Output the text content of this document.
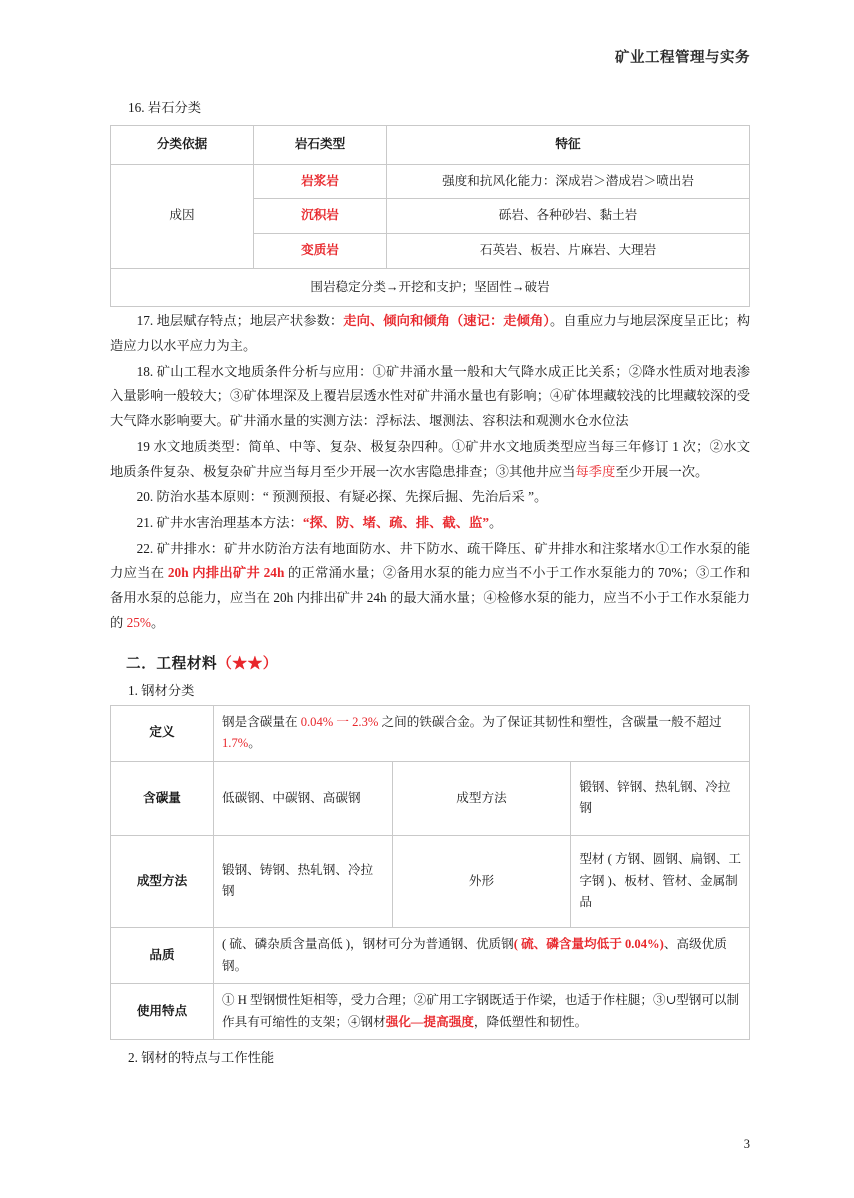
矿业工程管理与实务
16. 岩石分类
分类依据	岩石类型	特征
成因	岩浆岩	强度和抗风化能力：深成岩＞潜成岩＞喷出岩
	沉积岩	砾岩、各种砂岩、黏土岩
	变质岩	石英岩、板岩、片麻岩、大理岩
围岩稳定分类→开挖和支护；坚固性→破岩		

17. 地层赋存特点；地层产状参数：走向、倾向和倾角（速记：走倾角）。自重应力与地层深度呈正比；构造应力以水平应力为主。

18. 矿山工程水文地质条件分析与应用：①矿井涌水量一般和大气降水成正比关系；②降水性质对地表渗入量影响一般较大；③矿体埋深及上覆岩层透水性对矿井涌水量也有影响；④矿体埋藏较浅的比埋藏较深的受大气降水影响要大。矿井涌水量的实测方法：浮标法、堰测法、容积法和观测水仓水位法

19 水文地质类型：简单、中等、复杂、极复杂四种。①矿井水文地质类型应当每三年修订 1 次；②水文地质条件复杂、极复杂矿井应当每月至少开展一次水害隐患排查；③其他井应当每季度至少开展一次。

20. 防治水基本原则：“ 预测预报、有疑必探、先探后掘、先治后采 ”。

21. 矿井水害治理基本方法：“探、防、堵、疏、排、截、监”。

22. 矿井排水：矿井水防治方法有地面防水、井下防水、疏干降压、矿井排水和注浆堵水①工作水泵的能力应当在 20h 内排出矿井 24h 的正常涌水量；②备用水泵的能力应当不小于工作水泵能力的 70%；③工作和备用水泵的总能力，应当在 20h 内排出矿井 24h 的最大涌水量；④检修水泵的能力，应当不小于工作水泵能力的 25%。

二．工程材料（★★）
1. 钢材分类
定义	钢是含碳量在 0.04% 一 2.3% 之间的铁碳合金。为了保证其韧性和塑性，含碳量一般不超过 1.7%。		
含碳量	低碳钢、中碳钢、高碳钢	成型方法	锻钢、锌钢、热轧钢、冷拉钢
成型方法	锻钢、铸钢、热轧钢、冷拉钢	外形	型材 ( 方钢、圆钢、扁钢、工字钢 )、板材、管材、金属制品
品质	( 硫、磷杂质含量高低 )，钢材可分为普通钢、优质钢( 硫、磷含量均低于 0.04%)、高级优质钢。		
使用特点	① H 型钢惯性矩相等，受力合理；②矿用工字钢既适于作梁，也适于作柱腿；③∪型钢可以制作具有可缩性的支架；④钢材强化—提高强度，降低塑性和韧性。		
2. 钢材的特点与工作性能
3
